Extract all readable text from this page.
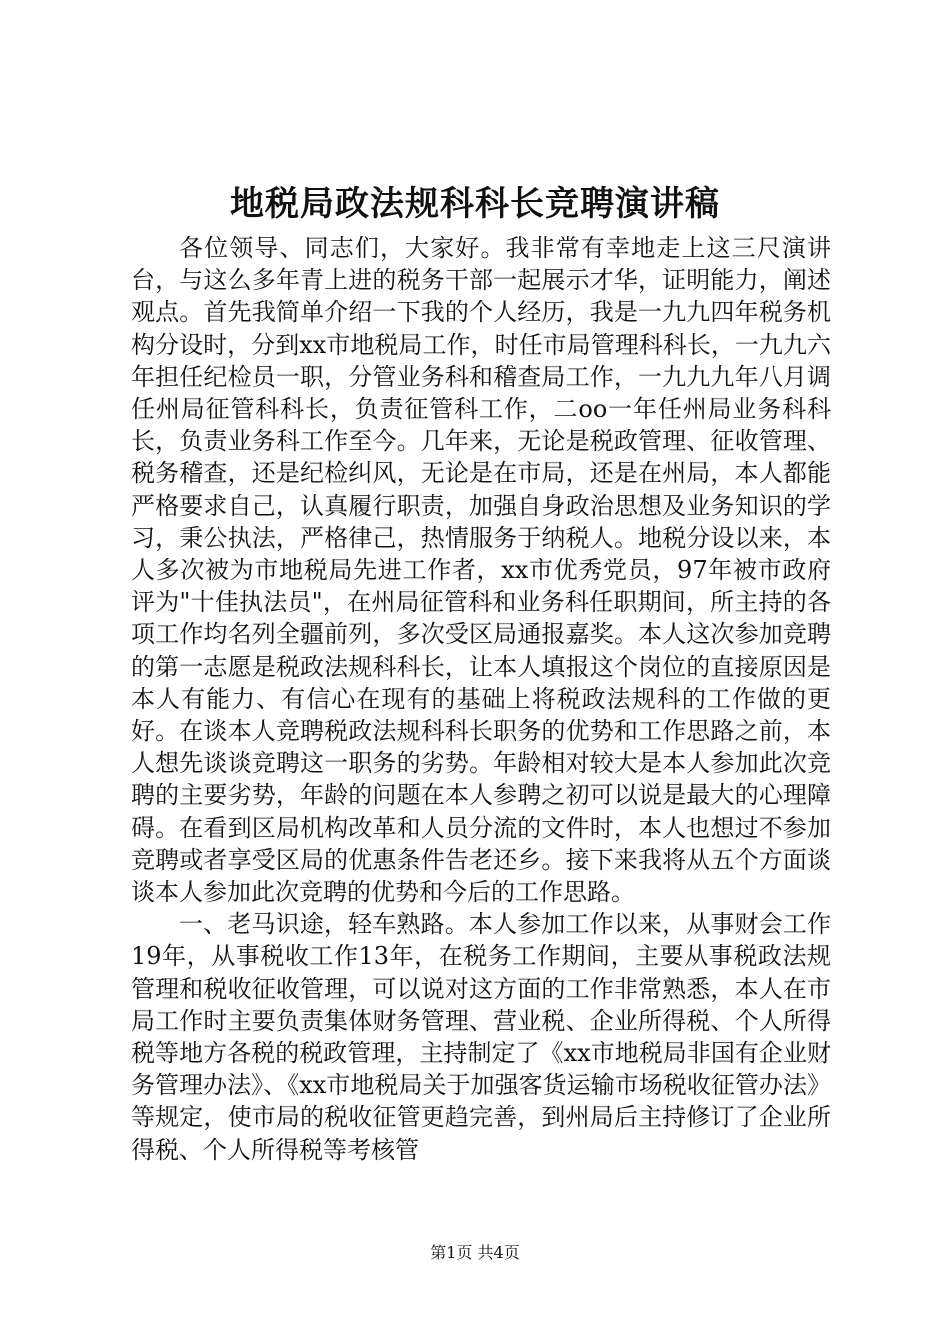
地税局政法规科科长竞聘演讲稿

各位领导、同志们，大家好。我非常有幸地走上这三尺演讲台，与这么多年青上进的税务干部一起展示才华，证明能力，阐述观点。首先我简单介绍一下我的个人经历，我是一九九四年税务机构分设时，分到xx市地税局工作，时任市局管理科科长，一九九六年担任纪检员一职，分管业务科和稽查局工作，一九九九年八月调任州局征管科科长，负责征管科工作，二oo一年任州局业务科科长，负责业务科工作至今。几年来，无论是税政管理、征收管理、税务稽查，还是纪检纠风，无论是在市局，还是在州局，本人都能严格要求自己，认真履行职责，加强自身政治思想及业务知识的学习，秉公执法，严格律己，热情服务于纳税人。地税分设以来，本人多次被为市地税局先进工作者，xx市优秀党员，97年被市政府评为"十佳执法员"，在州局征管科和业务科任职期间，所主持的各项工作均名列全疆前列，多次受区局通报嘉奖。本人这次参加竞聘的第一志愿是税政法规科科长，让本人填报这个岗位的直接原因是本人有能力、有信心在现有的基础上将税政法规科的工作做的更好。在谈本人竞聘税政法规科科长职务的优势和工作思路之前，本人想先谈谈竞聘这一职务的劣势。年龄相对较大是本人参加此次竞聘的主要劣势，年龄的问题在本人参聘之初可以说是最大的心理障碍。在看到区局机构改革和人员分流的文件时，本人也想过不参加竞聘或者享受区局的优惠条件告老还乡。接下来我将从五个方面谈谈本人参加此次竞聘的优势和今后的工作思路。

一、老马识途，轻车熟路。本人参加工作以来，从事财会工作19年，从事税收工作13年，在税务工作期间，主要从事税政法规管理和税收征收管理，可以说对这方面的工作非常熟悉，本人在市局工作时主要负责集体财务管理、营业税、企业所得税、个人所得税等地方各税的税政管理，主持制定了《xx市地税局非国有企业财务管理办法》、《xx市地税局关于加强客货运输市场税收征管办法》等规定，使市局的税收征管更趋完善，到州局后主持修订了企业所得税、个人所得税等考核管

第1页 共4页
